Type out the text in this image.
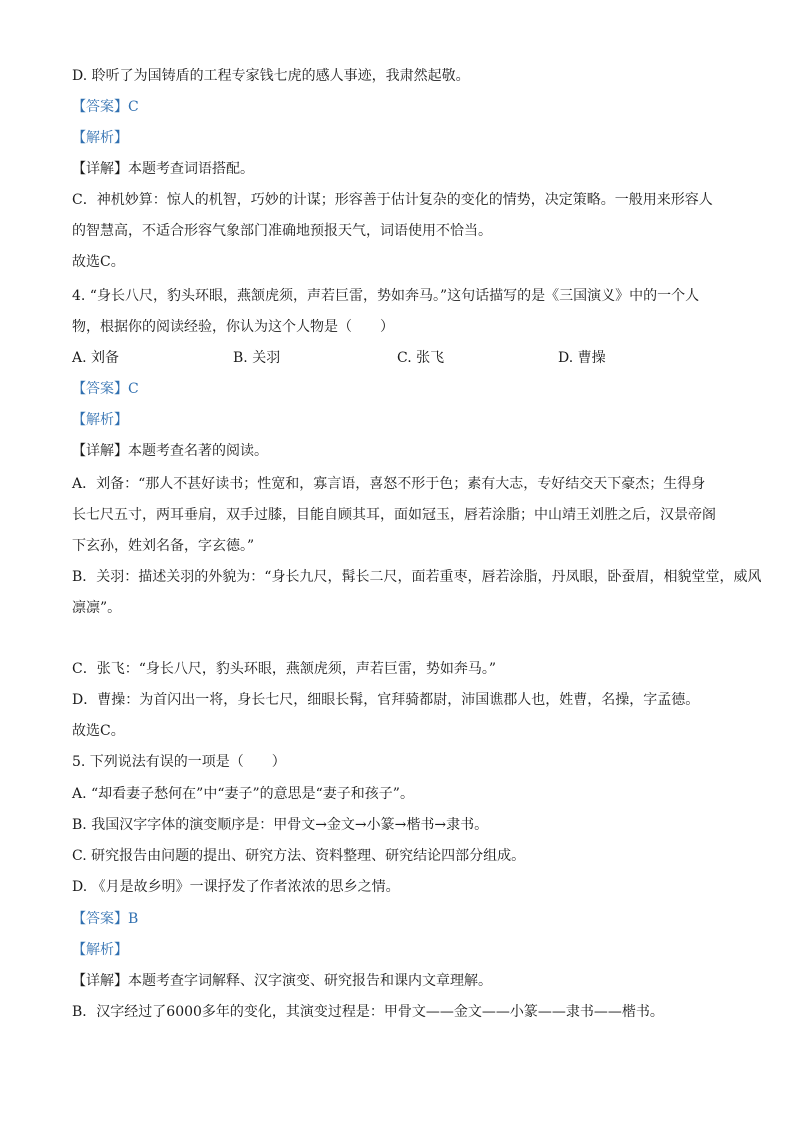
D. 聆听了为国铸盾的工程专家钱七虎的感人事迹，我肃然起敬。
【答案】C
【解析】
【详解】本题考查词语搭配。
C．神机妙算：惊人的机智，巧妙的计谋；形容善于估计复杂的变化的情势，决定策略。一般用来形容人
的智慧高，不适合形容气象部门准确地预报天气，词语使用不恰当。
故选C。
4. “身长八尺，豹头环眼，燕颔虎须，声若巨雷，势如奔马。”这句话描写的是《三国演义》中的一个人
物，根据你的阅读经验，你认为这个人物是（　　）
A. 刘备	B. 关羽	C. 张飞	D. 曹操
【答案】C
【解析】
【详解】本题考查名著的阅读。
A．刘备：“那人不甚好读书；性宽和，寡言语，喜怒不形于色；素有大志，专好结交天下豪杰；生得身
长七尺五寸，两耳垂肩，双手过膝，目能自顾其耳，面如冠玉，唇若涂脂；中山靖王刘胜之后，汉景帝阁
下玄孙，姓刘名备，字玄德。”
B．关羽：描述关羽的外貌为：“身长九尺，髯长二尺，面若重枣，唇若涂脂，丹凤眼，卧蚕眉，相貌堂堂，威风
凛凛”。
C．张飞：“身长八尺，豹头环眼，燕颔虎须，声若巨雷，势如奔马。”
D．曹操：为首闪出一将，身长七尺，细眼长髯，官拜骑都尉，沛国谯郡人也，姓曹，名操，字孟德。
故选C。
5. 下列说法有误的一项是（　　）
A. “却看妻子愁何在”中“妻子”的意思是“妻子和孩子”。
B. 我国汉字字体的演变顺序是：甲骨文→金文→小篆→楷书→隶书。
C. 研究报告由问题的提出、研究方法、资料整理、研究结论四部分组成。
D. 《月是故乡明》一课抒发了作者浓浓的思乡之情。
【答案】B
【解析】
【详解】本题考查字词解释、汉字演变、研究报告和课内文章理解。
B．汉字经过了6000多年的变化，其演变过程是：甲骨文——金文——小篆——隶书——楷书。
